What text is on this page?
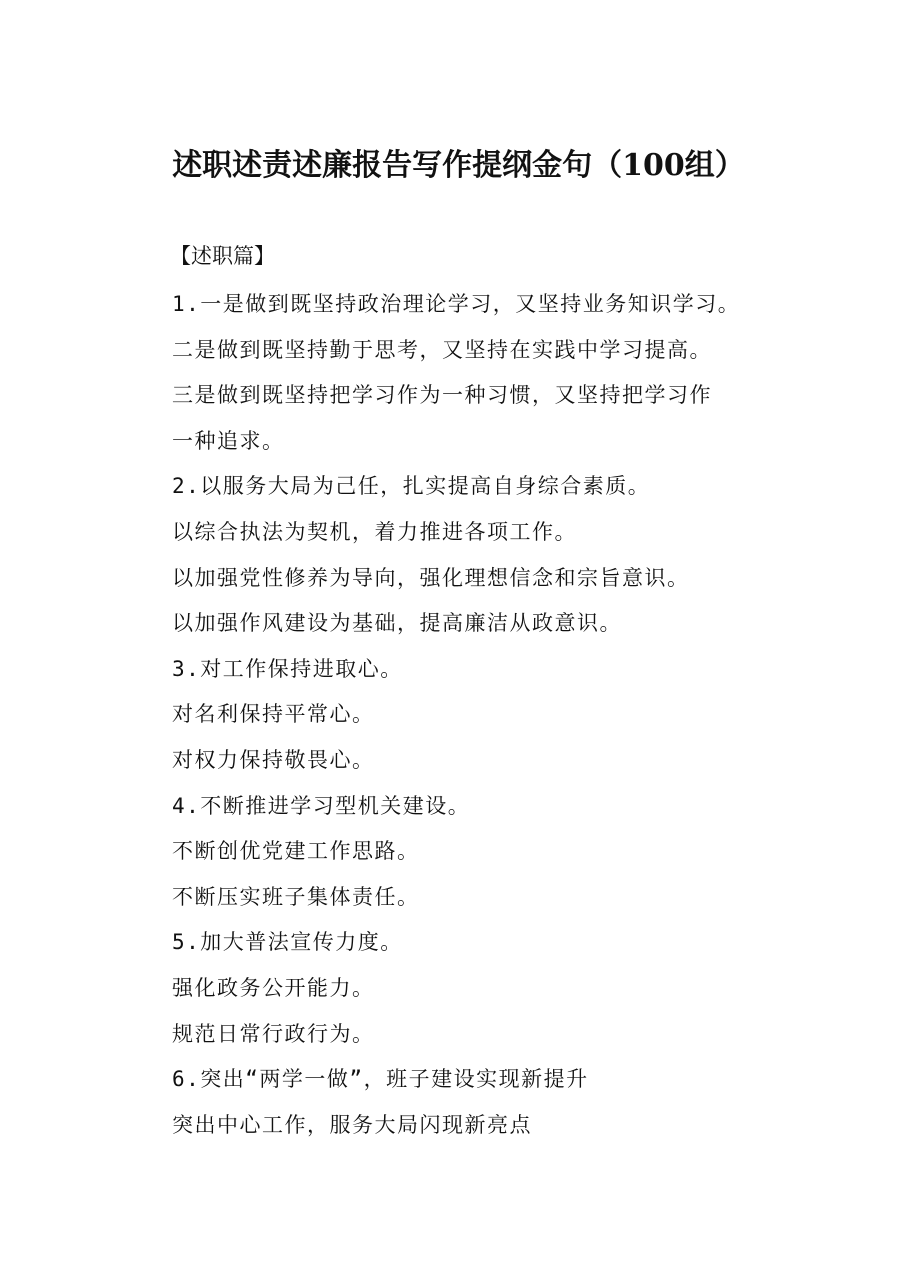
述职述责述廉报告写作提纲金句（100组）
【述职篇】
1.一是做到既坚持政治理论学习，又坚持业务知识学习。
二是做到既坚持勤于思考，又坚持在实践中学习提高。
三是做到既坚持把学习作为一种习惯，又坚持把学习作
一种追求。
2.以服务大局为己任，扎实提高自身综合素质。
以综合执法为契机，着力推进各项工作。
以加强党性修养为导向，强化理想信念和宗旨意识。
以加强作风建设为基础，提高廉洁从政意识。
3.对工作保持进取心。
对名利保持平常心。
对权力保持敬畏心。
4.不断推进学习型机关建设。
不断创优党建工作思路。
不断压实班子集体责任。
5.加大普法宣传力度。
强化政务公开能力。
规范日常行政行为。
6.突出“两学一做”，班子建设实现新提升
突出中心工作，服务大局闪现新亮点
